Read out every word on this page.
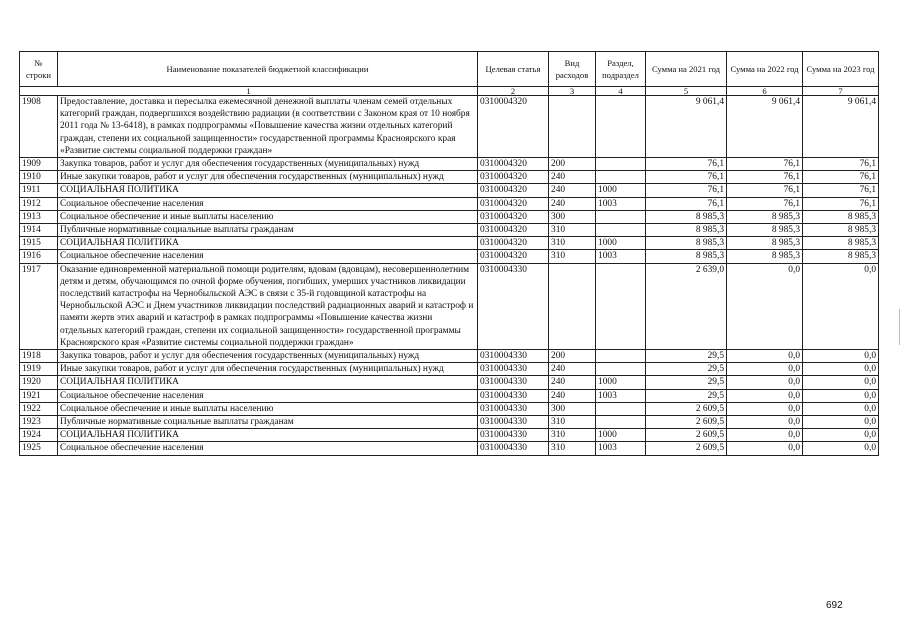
№ строки	Наименование показателей бюджетной классификации	Целевая статья	Вид расходов	Раздел, подраздел	Сумма на 2021 год	Сумма на 2022 год	Сумма на 2023 год
1		2	3	4	5	6	7
1908	Предоставление, доставка и пересылка ежемесячной денежной выплаты членам семей отдельных категорий граждан, подвергшихся воздействию радиации (в соответствии с Законом края от 10 ноября 2011 года № 13-6418), в рамках подпрограммы «Повышение качества жизни отдельных категорий граждан, степени их социальной защищенности» государственной программы Красноярского края «Развитие системы социальной поддержки граждан»	0310004320			9 061,4	9 061,4	9 061,4
1909	Закупка товаров, работ и услуг для обеспечения государственных (муниципальных) нужд	0310004320	200		76,1	76,1	76,1
1910	Иные закупки товаров, работ и услуг для обеспечения государственных (муниципальных) нужд	0310004320	240		76,1	76,1	76,1
1911	СОЦИАЛЬНАЯ ПОЛИТИКА	0310004320	240	1000	76,1	76,1	76,1
1912	Социальное обеспечение населения	0310004320	240	1003	76,1	76,1	76,1
1913	Социальное обеспечение и иные выплаты населению	0310004320	300		8 985,3	8 985,3	8 985,3
1914	Публичные нормативные социальные выплаты гражданам	0310004320	310		8 985,3	8 985,3	8 985,3
1915	СОЦИАЛЬНАЯ ПОЛИТИКА	0310004320	310	1000	8 985,3	8 985,3	8 985,3
1916	Социальное обеспечение населения	0310004320	310	1003	8 985,3	8 985,3	8 985,3
1917	Оказание единовременной материальной помощи родителям, вдовам (вдовцам), несовершеннолетним детям и детям, обучающимся по очной форме обучения, погибших, умерших участников ликвидации последствий катастрофы на Чернобыльской АЭС в связи с 35-й годовщиной катастрофы на Чернобыльской АЭС и Днем участников ликвидации последствий радиационных аварий и катастроф и памяти жертв этих аварий и катастроф в рамках подпрограммы «Повышение качества жизни отдельных категорий граждан, степени их социальной защищенности» государственной программы Красноярского края «Развитие системы социальной поддержки граждан»	0310004330			2 639,0	0,0	0,0
1918	Закупка товаров, работ и услуг для обеспечения государственных (муниципальных) нужд	0310004330	200		29,5	0,0	0,0
1919	Иные закупки товаров, работ и услуг для обеспечения государственных (муниципальных) нужд	0310004330	240		29,5	0,0	0,0
1920	СОЦИАЛЬНАЯ ПОЛИТИКА	0310004330	240	1000	29,5	0,0	0,0
1921	Социальное обеспечение населения	0310004330	240	1003	29,5	0,0	0,0
1922	Социальное обеспечение и иные выплаты населению	0310004330	300		2 609,5	0,0	0,0
1923	Публичные нормативные социальные выплаты гражданам	0310004330	310		2 609,5	0,0	0,0
1924	СОЦИАЛЬНАЯ ПОЛИТИКА	0310004330	310	1000	2 609,5	0,0	0,0
1925	Социальное обеспечение населения	0310004330	310	1003	2 609,5	0,0	0,0
692
